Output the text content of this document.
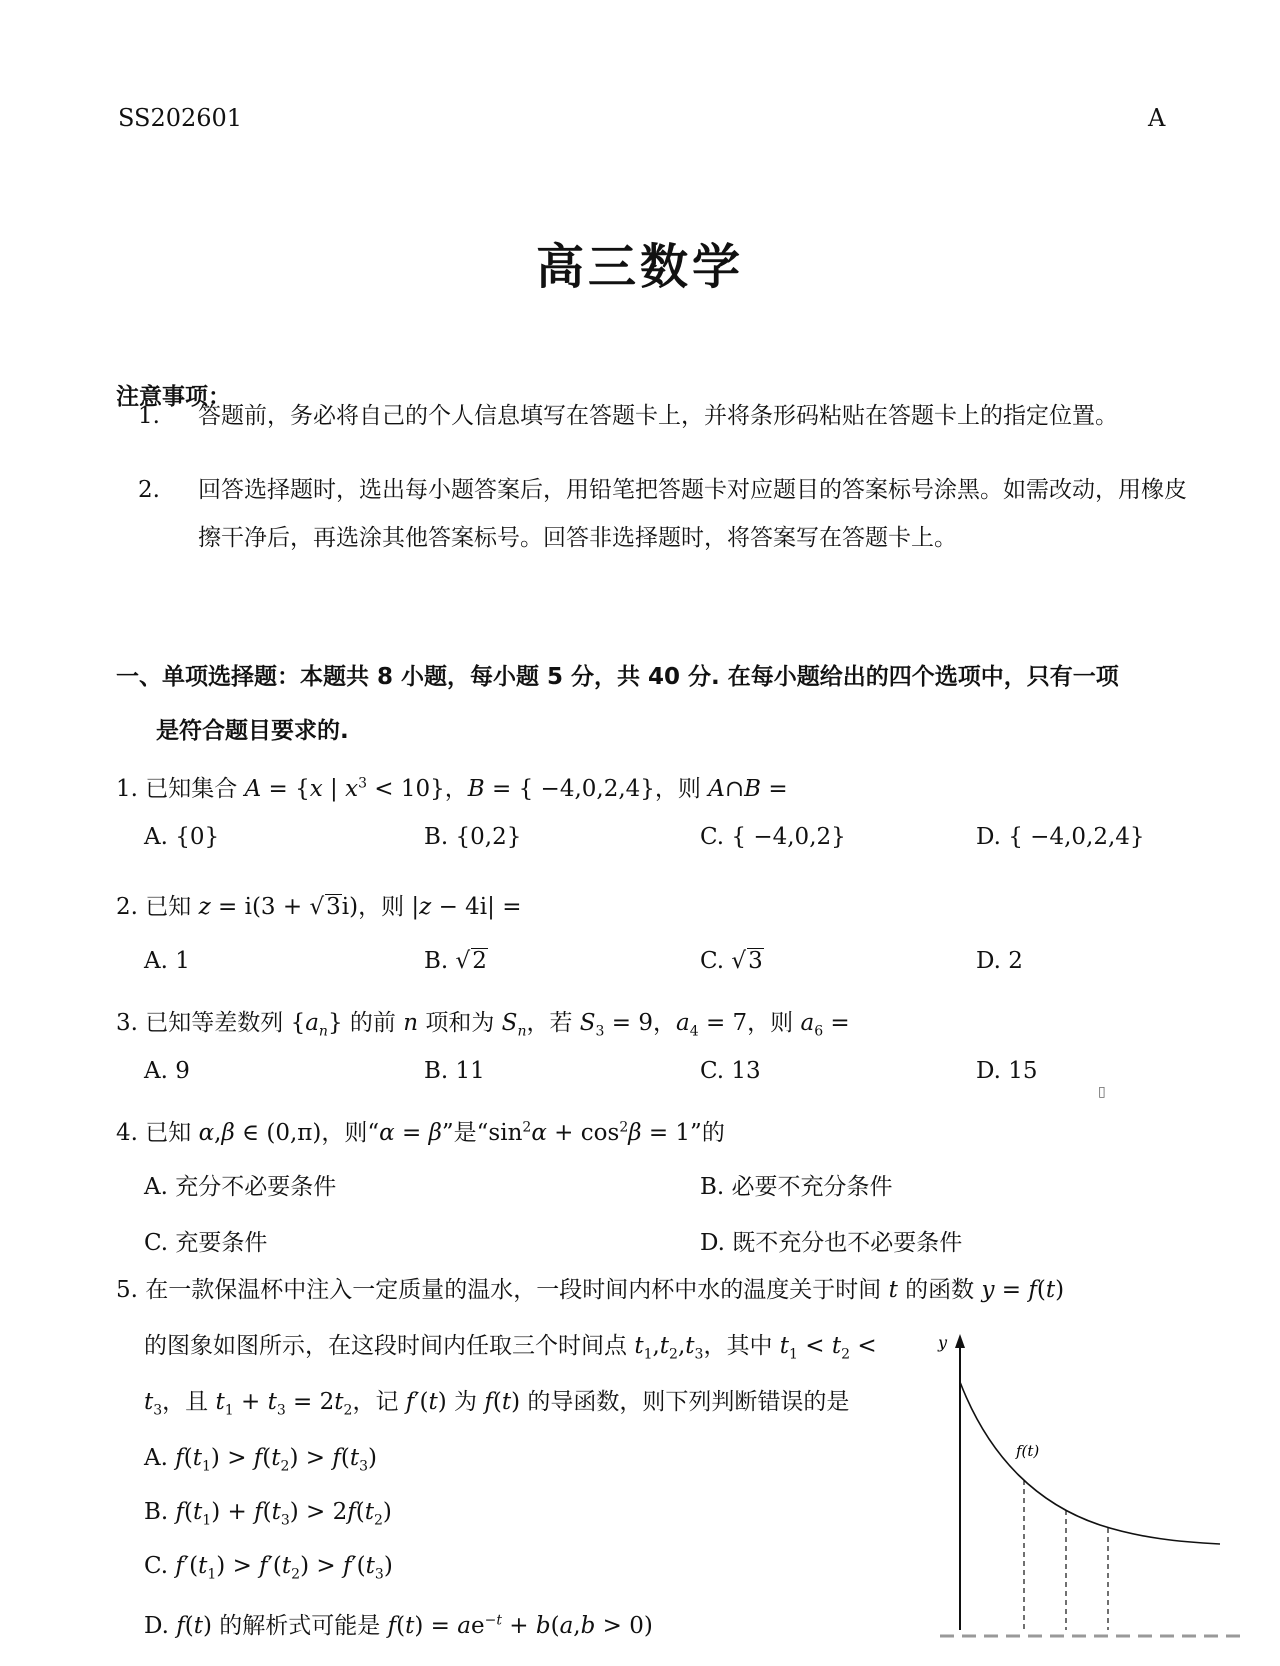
SS202601	A
高三数学
注意事项：
1. 答题前，务必将自己的个人信息填写在答题卡上，并将条形码粘贴在答题卡上的指定位置。
2. 回答选择题时，选出每小题答案后，用铅笔把答题卡对应题目的答案标号涂黑。如需改动，用橡皮擦干净后，再选涂其他答案标号。回答非选择题时，将答案写在答题卡上。
一、单项选择题：本题共 8 小题，每小题 5 分，共 40 分. 在每小题给出的四个选项中，只有一项
是符合题目要求的.
1. 已知集合 A = {x | $x^3 < 10$}，B = { −4,0,2,4}，则 A∩B =
A. {0}	B. {0,2}	C. { −4,0,2}	D. { −4,0,2,4}
2. 已知 z = i(3 + √3i)，则 |z − 4i| =
A. 1	B. √2	C. √3	D. 2
3. 已知等差数列 $\{a_n\}$ 的前 n 项和为 $S_n$，若 $S_3 = 9$，$a_4 = 7$，则 $a_6$ =
A. 9	B. 11	C. 13	D. 15
▯
4. 已知 α,β ∈ (0,π)，则“α = β”是“$\sin^2\alpha + \cos^2\beta = 1$”的
A. 充分不必要条件	B. 必要不充分条件
C. 充要条件	D. 既不充分也不必要条件
5. 在一款保温杯中注入一定质量的温水，一段时间内杯中水的温度关于时间 t 的函数 y = f(t)
的图象如图所示，在这段时间内任取三个时间点 $t_1,t_2,t_3$，其中 $t_1 < t_2$ <
$t_3$，且 $t_1 + t_3 = 2t_2$，记 f′(t) 为 f(t) 的导函数，则下列判断错误的是
A. $f(t_1) > f(t_2) > f(t_3)$
B. $f(t_1) + f(t_3) > 2f(t_2)$
C. $f'(t_1) > f'(t_2) > f'(t_3)$
D. f(t) 的解析式可能是 $f(t) = ae^{-t} + b(a,b > 0)$
y
f(t)
